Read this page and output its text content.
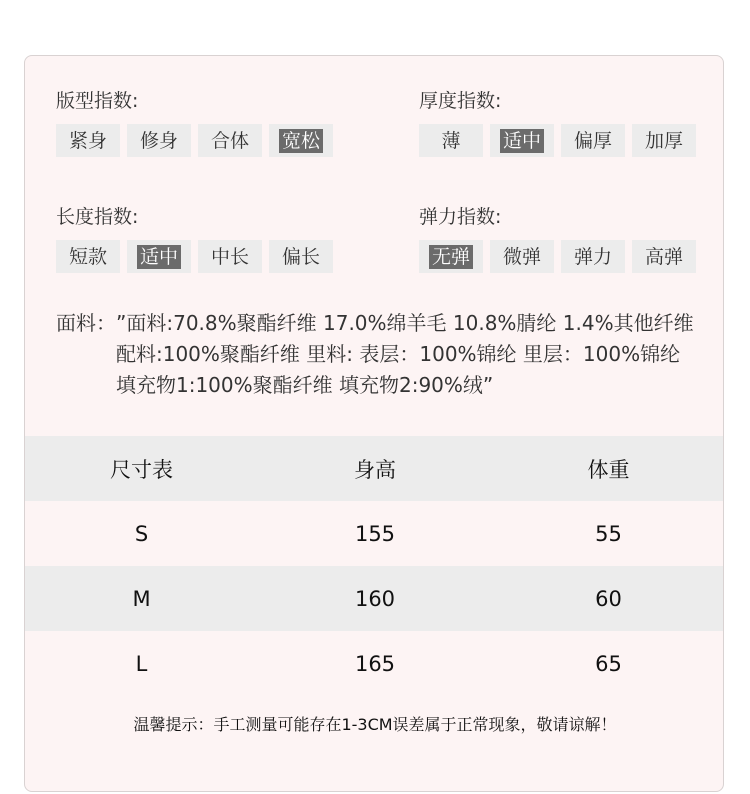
版型指数:
紧身 修身 合体 宽松
厚度指数:
薄 适中 偏厚 加厚
长度指数:
短款 适中 中长 偏长
弹力指数:
无弹 微弹 弹力 高弹
面料： ”面料:70.8%聚酯纤维 17.0%绵羊毛 10.8%腈纶 1.4%其他纤维 配料:100%聚酯纤维 里料: 表层：100%锦纶 里层：100%锦纶 填充物1:100%聚酯纤维 填充物2:90%绒”
尺寸表	身高	体重
S	155	55
M	160	60
L	165	65
温馨提示：手工测量可能存在1-3CM误差属于正常现象，敬请谅解！
